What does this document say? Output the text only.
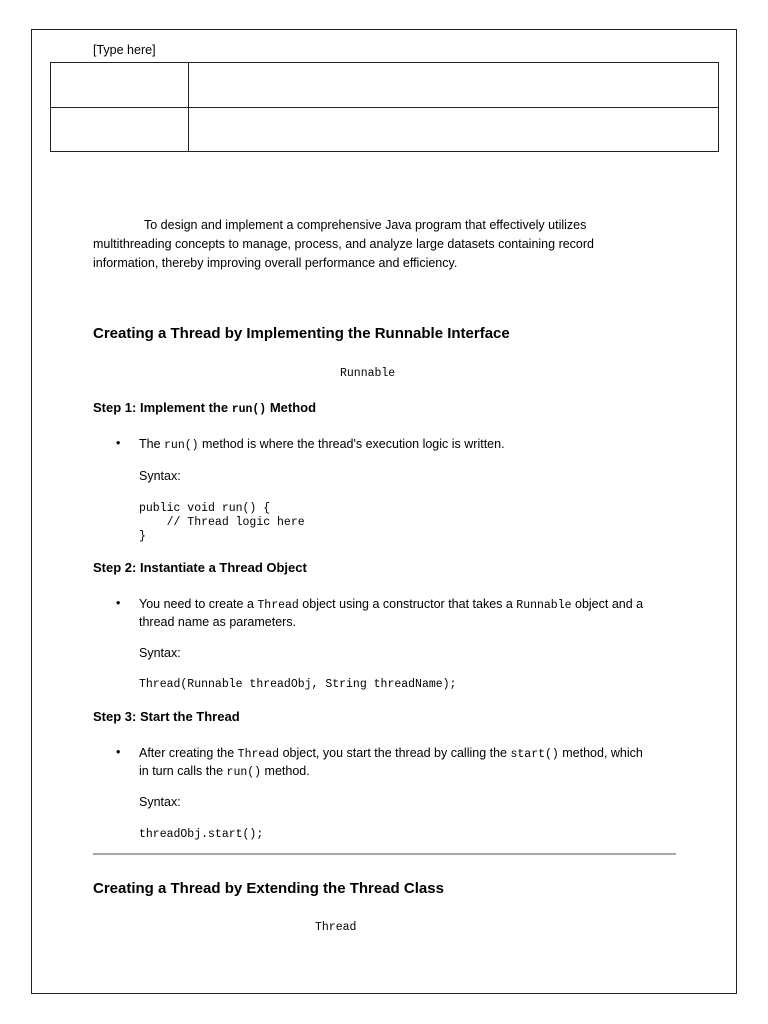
[Type here]

To design and implement a comprehensive Java program that effectively utilizes multithreading concepts to manage, process, and analyze large datasets containing record information, thereby improving overall performance and efficiency.
Creating a Thread by Implementing the Runnable Interface
Runnable
Step 1: Implement the run() Method
• The run() method is where the thread's execution logic is written.
Syntax:
public void run() {
// Thread logic here
}
Step 2: Instantiate a Thread Object
• You need to create a Thread object using a constructor that takes a Runnable object and a thread name as parameters.
Syntax:
Thread(Runnable threadObj, String threadName);
Step 3: Start the Thread
• After creating the Thread object, you start the thread by calling the start() method, which in turn calls the run() method.
Syntax:
threadObj.start();
Creating a Thread by Extending the Thread Class
Thread
